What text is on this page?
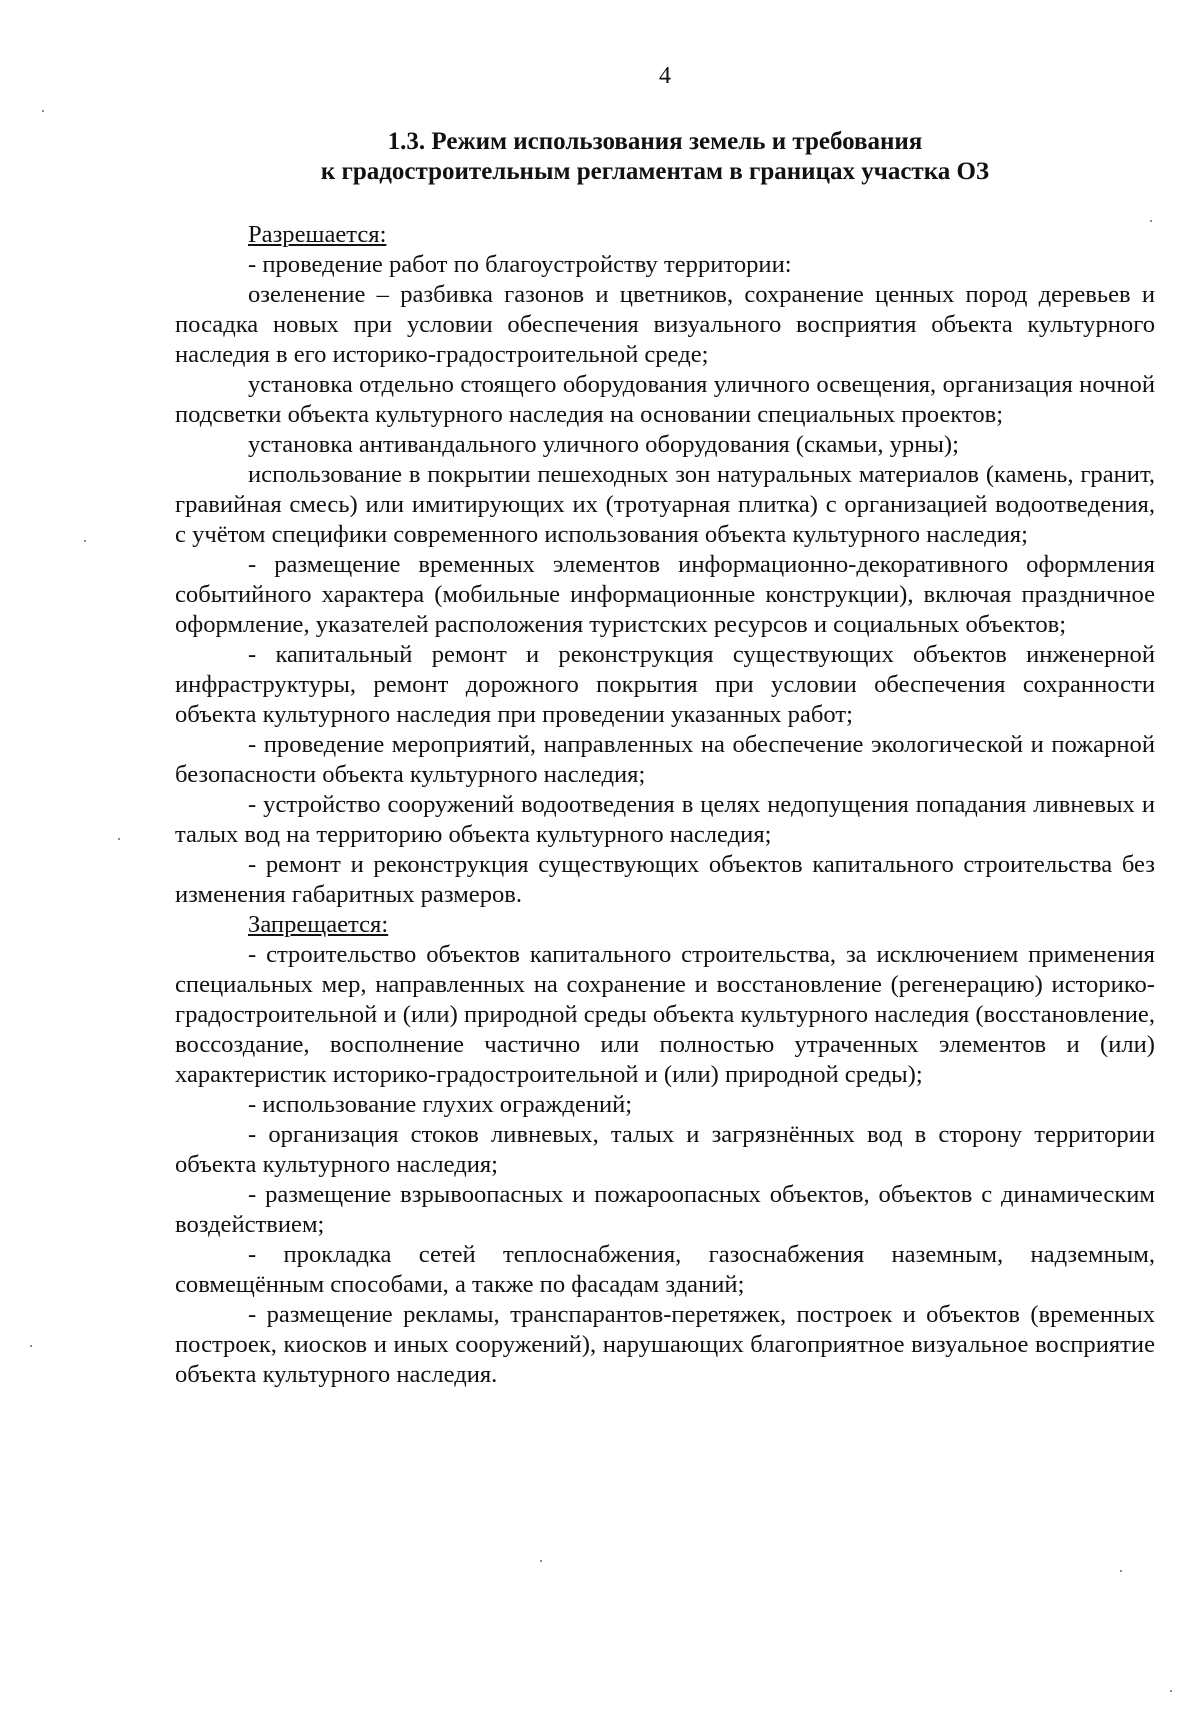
4

1.3. Режим использования земель и требования
к градостроительным регламентам в границах участка ОЗ

Разрешается:

- проведение работ по благоустройству территории:

озеленение – разбивка газонов и цветников, сохранение ценных пород деревьев и посадка новых при условии обеспечения визуального восприятия объекта культурного наследия в его историко-градостроительной среде;

установка отдельно стоящего оборудования уличного освещения, организация ночной подсветки объекта культурного наследия на основании специальных проектов;

установка антивандального уличного оборудования (скамьи, урны);

использование в покрытии пешеходных зон натуральных материалов (камень, гранит, гравийная смесь) или имитирующих их (тротуарная плитка) с организацией водоотведения, с учётом специфики современного использования объекта культурного наследия;

- размещение временных элементов информационно-декоративного оформления событийного характера (мобильные информационные конструкции), включая праздничное оформление, указателей расположения туристских ресурсов и социальных объектов;

- капитальный ремонт и реконструкция существующих объектов инженерной инфраструктуры, ремонт дорожного покрытия при условии обеспечения сохранности объекта культурного наследия при проведении указанных работ;

- проведение мероприятий, направленных на обеспечение экологической и пожарной безопасности объекта культурного наследия;

- устройство сооружений водоотведения в целях недопущения попадания ливневых и талых вод на территорию объекта культурного наследия;

- ремонт и реконструкция существующих объектов капитального строительства без изменения габаритных размеров.

Запрещается:

- строительство объектов капитального строительства, за исключением применения специальных мер, направленных на сохранение и восстановление (регенерацию) историко-градостроительной и (или) природной среды объекта культурного наследия (восстановление, воссоздание, восполнение частично или полностью утраченных элементов и (или) характеристик историко-градостроительной и (или) природной среды);

- использование глухих ограждений;

- организация стоков ливневых, талых и загрязнённых вод в сторону территории объекта культурного наследия;

- размещение взрывоопасных и пожароопасных объектов, объектов с динамическим воздействием;

- прокладка сетей теплоснабжения, газоснабжения наземным, надземным, совмещённым способами, а также по фасадам зданий;

- размещение рекламы, транспарантов-перетяжек, построек и объектов (временных построек, киосков и иных сооружений), нарушающих благоприятное визуальное восприятие объекта культурного наследия.
